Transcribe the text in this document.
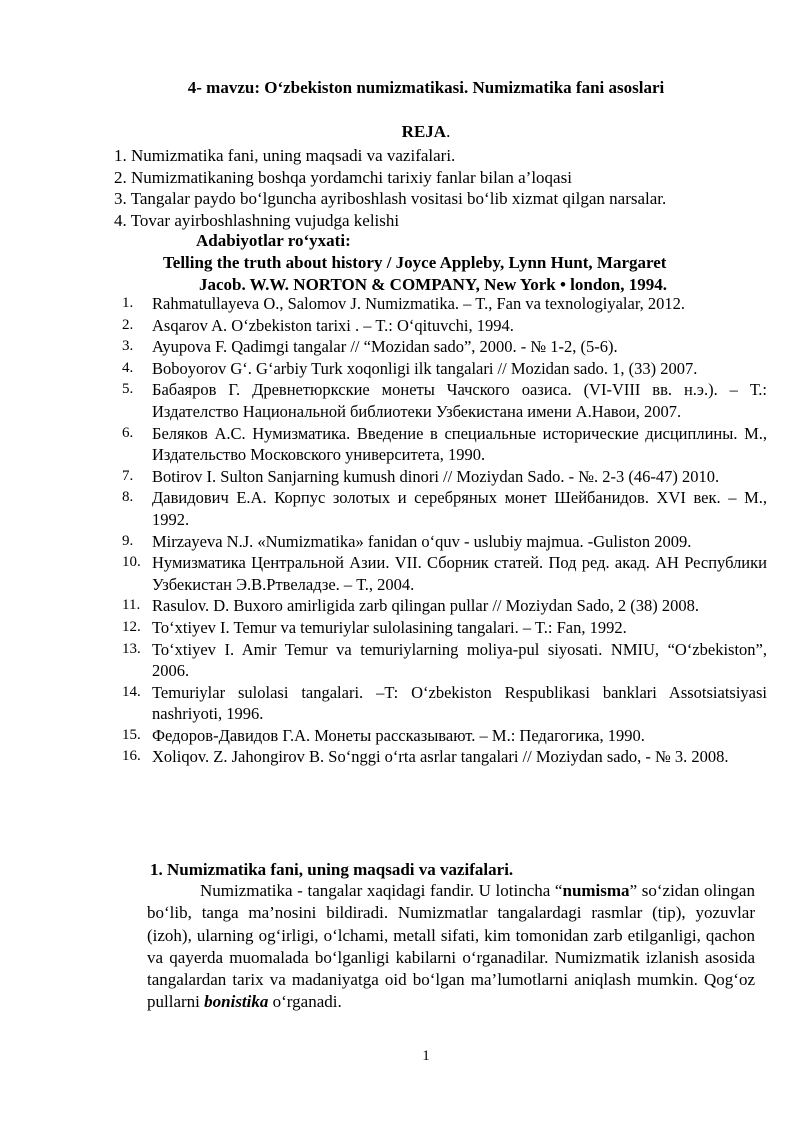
4- mavzu: O‘zbekiston numizmatikasi. Numizmatika fani asoslari
REJA.
1. Numizmatika fani, uning maqsadi va vazifalari.
2. Numizmatikaning boshqa yordamchi tarixiy fanlar bilan a’loqasi
3. Tangalar paydo bo‘lguncha ayriboshlash vositasi bo‘lib xizmat qilgan narsalar.
4. Tovar ayirboshlashning vujudga kelishi
Adabiyotlar ro‘yxati:
Telling the truth about history / Joyce Appleby, Lynn Hunt, Margaret
Jacob. W.W. NORTON & COMPANY, New York • london, 1994.
1.	Rahmatullayeva O., Salomov J. Numizmatika. – T., Fan va texnologiyalar, 2012.
2.	Asqarov A. O‘zbekiston tarixi . – T.: O‘qituvchi, 1994.
3.	Ayupova F. Qadimgi tangalar // “Mozidan sado”, 2000. - № 1-2, (5-6).
4.	Boboyorov G‘. G‘arbiy Turk xoqonligi ilk tangalari // Mozidan sado. 1, (33) 2007.
5.	Бабаяров Г. Древнетюркские монеты Чачского оазиса. (VI-VIII вв. н.э.). – Т.: Издателство Национальной библиотеки Узбекистана имени А.Навои, 2007.
6.	Беляков А.С. Нумизматика. Введение в специальные исторические дисциплины. М., Издательство Московского университета, 1990.
7.	Botirov I. Sulton Sanjarning kumush dinori // Moziydan Sado. - №. 2-3 (46-47) 2010.
8.	Давидович Е.А. Корпус золотых и серебряных монет Шейбанидов. XVI век. – М., 1992.
9.	Mirzayeva N.J. «Numizmatika» fanidan o‘quv - uslubiy majmua. -Guliston 2009.
10. Нумизматика Центральной Азии. VII. Сборник статей. Под ред. акад. АН Республики Узбекистан Э.В.Ртвеладзе. – Т., 2004.
11. Rasulov. D. Buxoro amirligida zarb qilingan pullar // Moziydan Sado, 2 (38) 2008.
12. To‘xtiyev I. Temur va temuriylar sulolasining tangalari. – T.: Fan, 1992.
13. To‘xtiyev I. Amir Temur va temuriylarning moliya-pul siyosati. NMIU, “O‘zbekiston”, 2006.
14. Temuriylar sulolasi tangalari. –T: O‘zbekiston Respublikasi banklari Assotsiatsiyasi nashriyoti, 1996.
15. Федоров-Давидов Г.А. Монеты рассказывают. – М.: Педагогика, 1990.
16. Xoliqov. Z. Jahongirov B. So‘nggi o‘rta asrlar tangalari // Moziydan sado, - № 3. 2008.
1. Numizmatika fani, uning maqsadi va vazifalari.
Numizmatika - tangalar xaqidagi fandir. U lotincha “numisma” so‘zidan olingan bo‘lib, tanga ma’nosini bildiradi. Numizmatlar tangalardagi rasmlar (tip), yozuvlar (izoh), ularning og‘irligi, o‘lchami, metall sifati, kim tomonidan zarb etilganligi, qachon va qayerda muomalada bo‘lganligi kabilarni o‘rganadilar. Numizmatik izlanish asosida tangalardan tarix va madaniyatga oid bo‘lgan ma’lumotlarni aniqlash mumkin. Qog‘oz pullarni bonistika o‘rganadi.
1
